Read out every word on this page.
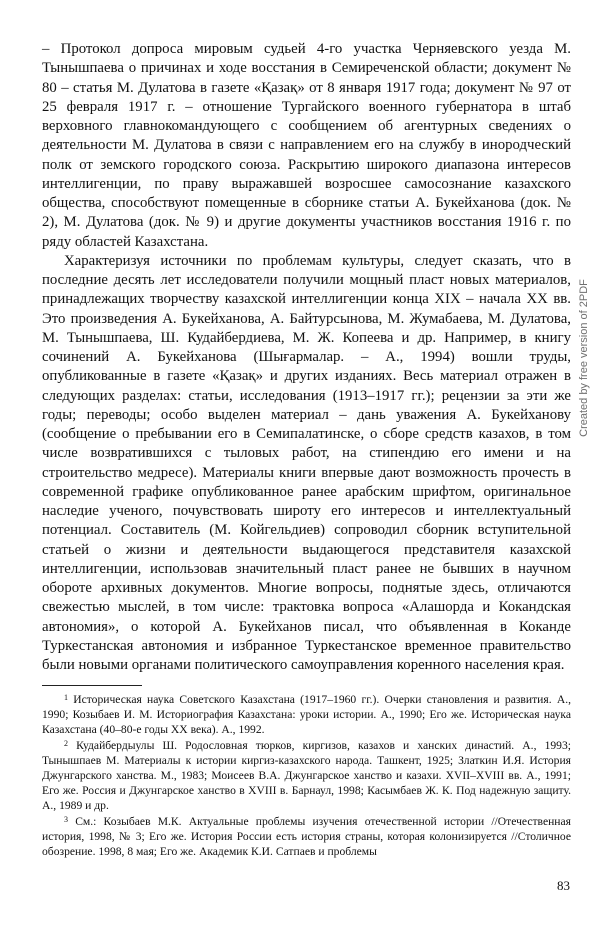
– Протокол допроса мировым судьей 4-го участка Черняевского уезда М. Тынышпаева о причинах и ходе восстания в Семиреченской области; документ № 80 – статья М. Дулатова в газете «Қазақ» от 8 января 1917 года; документ № 97 от 25 февраля 1917 г. – отношение Тургайского военного губернатора в штаб верховного главнокомандующего с сообщением об агентурных сведениях о деятельности М. Дулатова в связи с направлением его на службу в инородческий полк от земского городского союза. Раскрытию широкого диапазона интересов интеллигенции, по праву выражавшей возросшее самосознание казахского общества, способствуют помещенные в сборнике статьи А. Букейханова (док. № 2), М. Дулатова (док. № 9) и другие документы участников восстания 1916 г. по ряду областей Казахстана.

Характеризуя источники по проблемам культуры, следует сказать, что в последние десять лет исследователи получили мощный пласт новых материалов, принадлежащих творчеству казахской интеллигенции конца XIX – начала XX вв. Это произведения А. Букейханова, А. Байтурсынова, М. Жумабаева, М. Дулатова, М. Тынышпаева, Ш. Кудайбердиева, М. Ж. Копеева и др. Например, в книгу сочинений А. Букейханова (Шығармалар. – А., 1994) вошли труды, опубликованные в газете «Қазақ» и других изданиях. Весь материал отражен в следующих разделах: статьи, исследования (1913–1917 гг.); рецензии за эти же годы; переводы; особо выделен материал – дань уважения А. Букейханову (сообщение о пребывании его в Семипалатинске, о сборе средств казахов, в том числе возвратившихся с тыловых работ, на стипендию его имени и на строительство медресе). Материалы книги впервые дают возможность прочесть в современной графике опубликованное ранее арабским шрифтом, оригинальное наследие ученого, почувствовать широту его интересов и интеллектуальный потенциал. Составитель (М. Койгельдиев) сопроводил сборник вступительной статьей о жизни и деятельности выдающегося представителя казахской интеллигенции, использовав значительный пласт ранее не бывших в научном обороте архивных документов. Многие вопросы, поднятые здесь, отличаются свежестью мыслей, в том числе: трактовка вопроса «Алашорда и Кокандская автономия», о которой А. Букейханов писал, что объявленная в Коканде Туркестанская автономия и избранное Туркестанское временное правительство были новыми органами политического самоуправления коренного населения края.

$^1$ Историческая наука Советского Казахстана (1917–1960 гг.). Очерки становления и развития. А., 1990; Козыбаев И. М. Историография Казахстана: уроки истории. А., 1990; Его же. Историческая наука Казахстана (40–80-е годы XX века). А., 1992.

$^2$ Кудайбердыулы Ш. Родословная тюрков, киргизов, казахов и ханских династий. А., 1993; Тынышпаев М. Материалы к истории киргиз-казахского народа. Ташкент, 1925; Златкин И.Я. История Джунгарского ханства. М., 1983; Моисеев В.А. Джунгарское ханство и казахи. XVII–XVIII вв. А., 1991; Его же. Россия и Джунгарское ханство в XVIII в. Барнаул, 1998; Касымбаев Ж. К. Под надежную защиту. А., 1989 и др.

$^3$ См.: Козыбаев М.К. Актуальные проблемы изучения отечественной истории //Отечественная история, 1998, № 3; Его же. История России есть история страны, которая колонизируется //Столичное обозрение. 1998, 8 мая; Его же. Академик К.И. Сатпаев и проблемы

83
Created by free version of 2PDF
